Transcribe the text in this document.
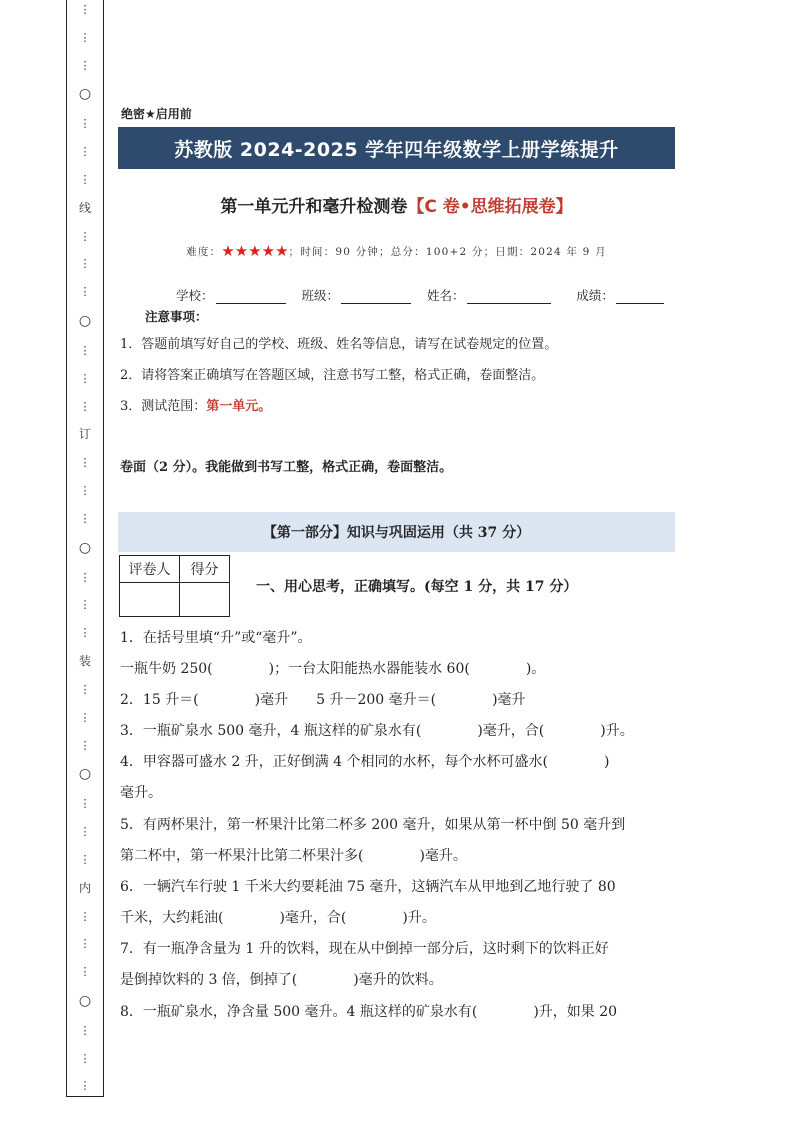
⋮
⋮
⋮
○
⋮
⋮
⋮
线
⋮
⋮
⋮
○
⋮
⋮
⋮
订
⋮
⋮
⋮
○
⋮
⋮
⋮
装
⋮
⋮
⋮
○
⋮
⋮
⋮
内
⋮
⋮
⋮
○
⋮
⋮
⋮
绝密★启用前
苏教版 2024-2025 学年四年级数学上册学练提升
第一单元升和毫升检测卷【C 卷•思维拓展卷】
难度：★★★★★；时间：90 分钟；总分：100+2 分；日期：2024 年 9 月
学校：	班级：	姓名：	成绩：
注意事项：
1．答题前填写好自己的学校、班级、姓名等信息，请写在试卷规定的位置。
2．请将答案正确填写在答题区域，注意书写工整，格式正确，卷面整洁。
3．测试范围：第一单元。
卷面（2 分）。我能做到书写工整，格式正确，卷面整洁。
【第一部分】知识与巩固运用（共 37 分）
评卷人	得分

一、用心思考，正确填写。(每空 1 分，共 17 分）
1．在括号里填“升”或“毫升”。
一瓶牛奶 250(　　　　)；一台太阳能热水器能装水 60(　　　　)。
2．15 升＝(　　　　)毫升　　5 升－200 毫升＝(　　　　)毫升
3．一瓶矿泉水 500 毫升，4 瓶这样的矿泉水有(　　　　)毫升，合(　　　　)升。
4．甲容器可盛水 2 升，正好倒满 4 个相同的水杯，每个水杯可盛水(　　　　)
毫升。
5．有两杯果汁，第一杯果汁比第二杯多 200 毫升，如果从第一杯中倒 50 毫升到
第二杯中，第一杯果汁比第二杯果汁多(　　　　)毫升。
6．一辆汽车行驶 1 千米大约要耗油 75 毫升，这辆汽车从甲地到乙地行驶了 80
千米，大约耗油(　　　　)毫升，合(　　　　)升。
7．有一瓶净含量为 1 升的饮料，现在从中倒掉一部分后，这时剩下的饮料正好
是倒掉饮料的 3 倍，倒掉了(　　　　)毫升的饮料。
8．一瓶矿泉水，净含量 500 毫升。4 瓶这样的矿泉水有(　　　　)升，如果 20
